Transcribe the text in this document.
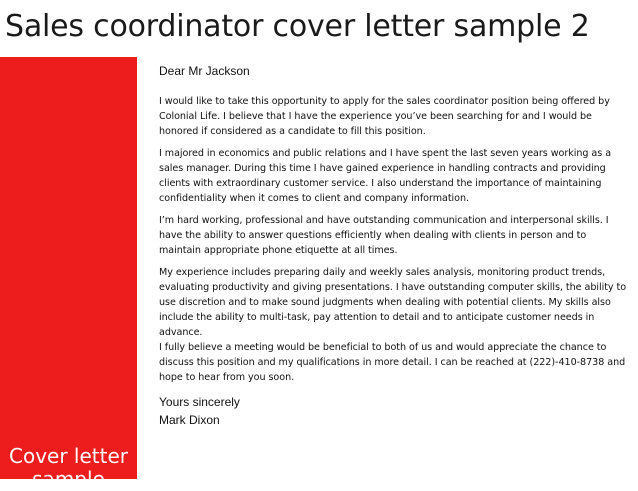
Sales coordinator cover letter sample 2
Cover letter
sample
Dear Mr Jackson

I would like to take this opportunity to apply for the sales coordinator position being offered by Colonial Life. I believe that I have the experience you’ve been searching for and I would be honored if considered as a candidate to fill this position.

I majored in economics and public relations and I have spent the last seven years working as a sales manager. During this time I have gained experience in handling contracts and providing clients with extraordinary customer service. I also understand the importance of maintaining confidentiality when it comes to client and company information.

I’m hard working, professional and have outstanding communication and interpersonal skills. I have the ability to answer questions efficiently when dealing with clients in person and to maintain appropriate phone etiquette at all times.

My experience includes preparing daily and weekly sales analysis, monitoring product trends, evaluating productivity and giving presentations. I have outstanding computer skills, the ability to use discretion and to make sound judgments when dealing with potential clients. My skills also include the ability to multi-task, pay attention to detail and to anticipate customer needs in advance.

I fully believe a meeting would be beneficial to both of us and would appreciate the chance to discuss this position and my qualifications in more detail. I can be reached at (222)-410-8738 and hope to hear from you soon.

Yours sincerely
Mark Dixon
